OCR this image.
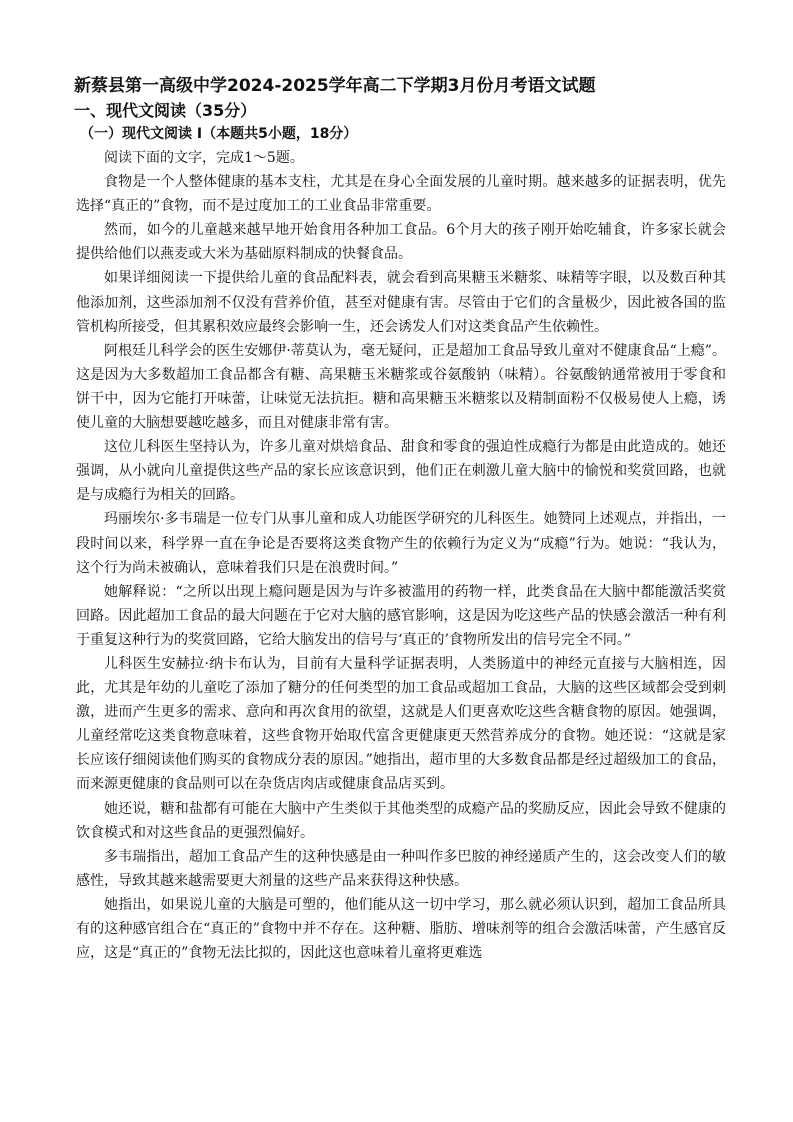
新蔡县第一高级中学2024-2025学年高二下学期3月份月考语文试题
一、现代文阅读（35分）
（一）现代文阅读 I（本题共5小题，18分）

阅读下面的文字，完成1～5题。

食物是一个人整体健康的基本支柱，尤其是在身心全面发展的儿童时期。越来越多的证据表明，优先选择“真正的”食物，而不是过度加工的工业食品非常重要。

然而，如今的儿童越来越早地开始食用各种加工食品。6个月大的孩子刚开始吃辅食，许多家长就会提供给他们以燕麦或大米为基础原料制成的快餐食品。

如果详细阅读一下提供给儿童的食品配料表，就会看到高果糖玉米糖浆、味精等字眼，以及数百种其他添加剂，这些添加剂不仅没有营养价值，甚至对健康有害。尽管由于它们的含量极少，因此被各国的监管机构所接受，但其累积效应最终会影响一生，还会诱发人们对这类食品产生依赖性。

阿根廷儿科学会的医生安娜伊·蒂莫认为，毫无疑问，正是超加工食品导致儿童对不健康食品“上瘾”。这是因为大多数超加工食品都含有糖、高果糖玉米糖浆或谷氨酸钠（味精）。谷氨酸钠通常被用于零食和饼干中，因为它能打开味蕾，让味觉无法抗拒。糖和高果糖玉米糖浆以及精制面粉不仅极易使人上瘾，诱使儿童的大脑想要越吃越多，而且对健康非常有害。

这位儿科医生坚持认为，许多儿童对烘焙食品、甜食和零食的强迫性成瘾行为都是由此造成的。她还强调，从小就向儿童提供这些产品的家长应该意识到，他们正在刺激儿童大脑中的愉悦和奖赏回路，也就是与成瘾行为相关的回路。

玛丽埃尔·多韦瑞是一位专门从事儿童和成人功能医学研究的儿科医生。她赞同上述观点，并指出，一段时间以来，科学界一直在争论是否要将这类食物产生的依赖行为定义为“成瘾”行为。她说：“我认为，这个行为尚未被确认，意味着我们只是在浪费时间。”

她解释说：“之所以出现上瘾问题是因为与许多被滥用的药物一样，此类食品在大脑中都能激活奖赏回路。因此超加工食品的最大问题在于它对大脑的感官影响，这是因为吃这些产品的快感会激活一种有利于重复这种行为的奖赏回路，它给大脑发出的信号与‘真正的’食物所发出的信号完全不同。”

儿科医生安赫拉·纳卡布认为，目前有大量科学证据表明，人类肠道中的神经元直接与大脑相连，因此，尤其是年幼的儿童吃了添加了糖分的任何类型的加工食品或超加工食品，大脑的这些区域都会受到刺激，进而产生更多的需求、意向和再次食用的欲望，这就是人们更喜欢吃这些含糖食物的原因。她强调，儿童经常吃这类食物意味着，这些食物开始取代富含更健康更天然营养成分的食物。她还说：“这就是家长应该仔细阅读他们购买的食物成分表的原因。”她指出，超市里的大多数食品都是经过超级加工的食品，而来源更健康的食品则可以在杂货店肉店或健康食品店买到。

她还说，糖和盐都有可能在大脑中产生类似于其他类型的成瘾产品的奖励反应，因此会导致不健康的饮食模式和对这些食品的更强烈偏好。

多韦瑞指出，超加工食品产生的这种快感是由一种叫作多巴胺的神经递质产生的，这会改变人们的敏感性，导致其越来越需要更大剂量的这些产品来获得这种快感。

她指出，如果说儿童的大脑是可塑的，他们能从这一切中学习，那么就必须认识到，超加工食品所具有的这种感官组合在“真正的”食物中并不存在。这种糖、脂肪、增味剂等的组合会激活味蕾，产生感官反应，这是“真正的”食物无法比拟的，因此这也意味着儿童将更难选
